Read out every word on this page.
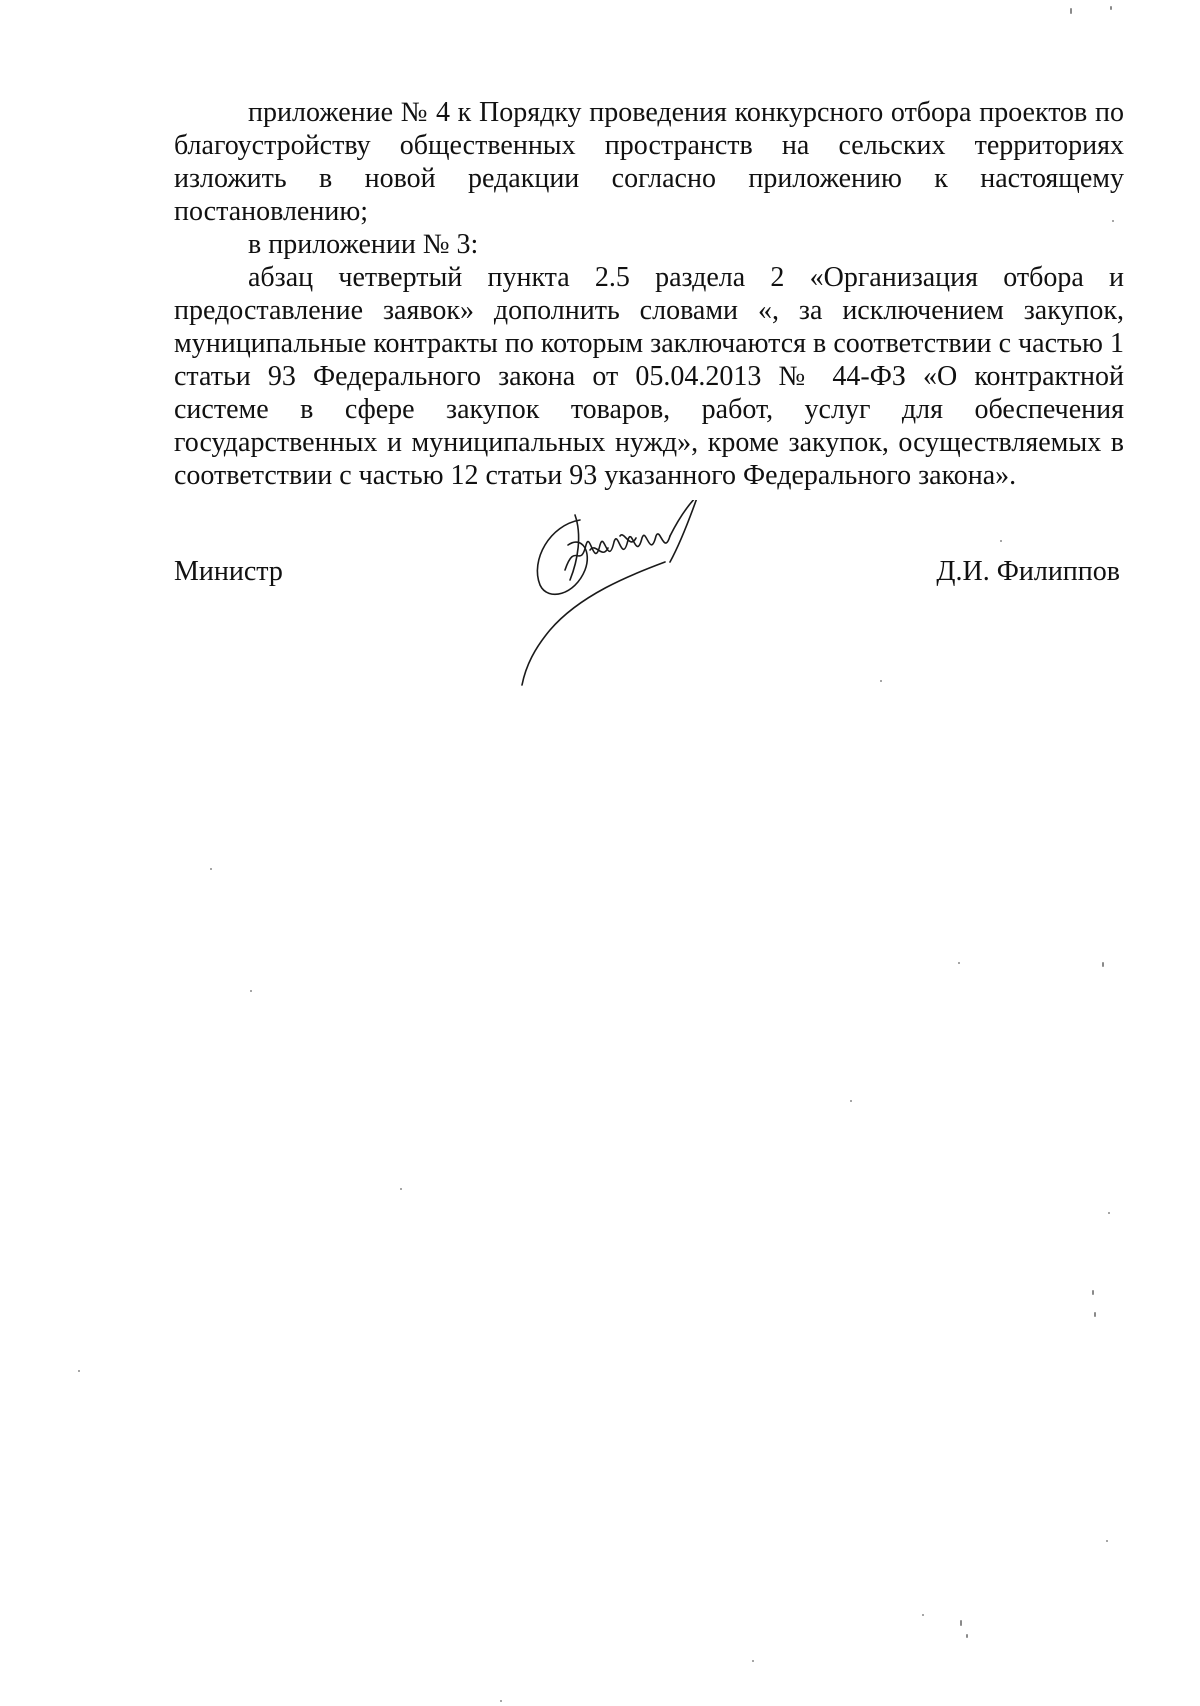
приложение № 4 к Порядку проведения конкурсного отбора проектов по благоустройству общественных пространств на сельских территориях изложить в новой редакции согласно приложению к настоящему постановлению;

в приложении № 3:

абзац четвертый пункта 2.5 раздела 2 «Организация отбора и предоставление заявок» дополнить словами «, за исключением закупок, муниципальные контракты по которым заключаются в соответствии с частью 1 статьи 93 Федерального закона от 05.04.2013 № 44-ФЗ «О контрактной системе в сфере закупок товаров, работ, услуг для обеспечения государственных и муниципальных нужд», кроме закупок, осуществляемых в соответствии с частью 12 статьи 93 указанного Федерального закона».

Министр	Д.И. Филиппов
